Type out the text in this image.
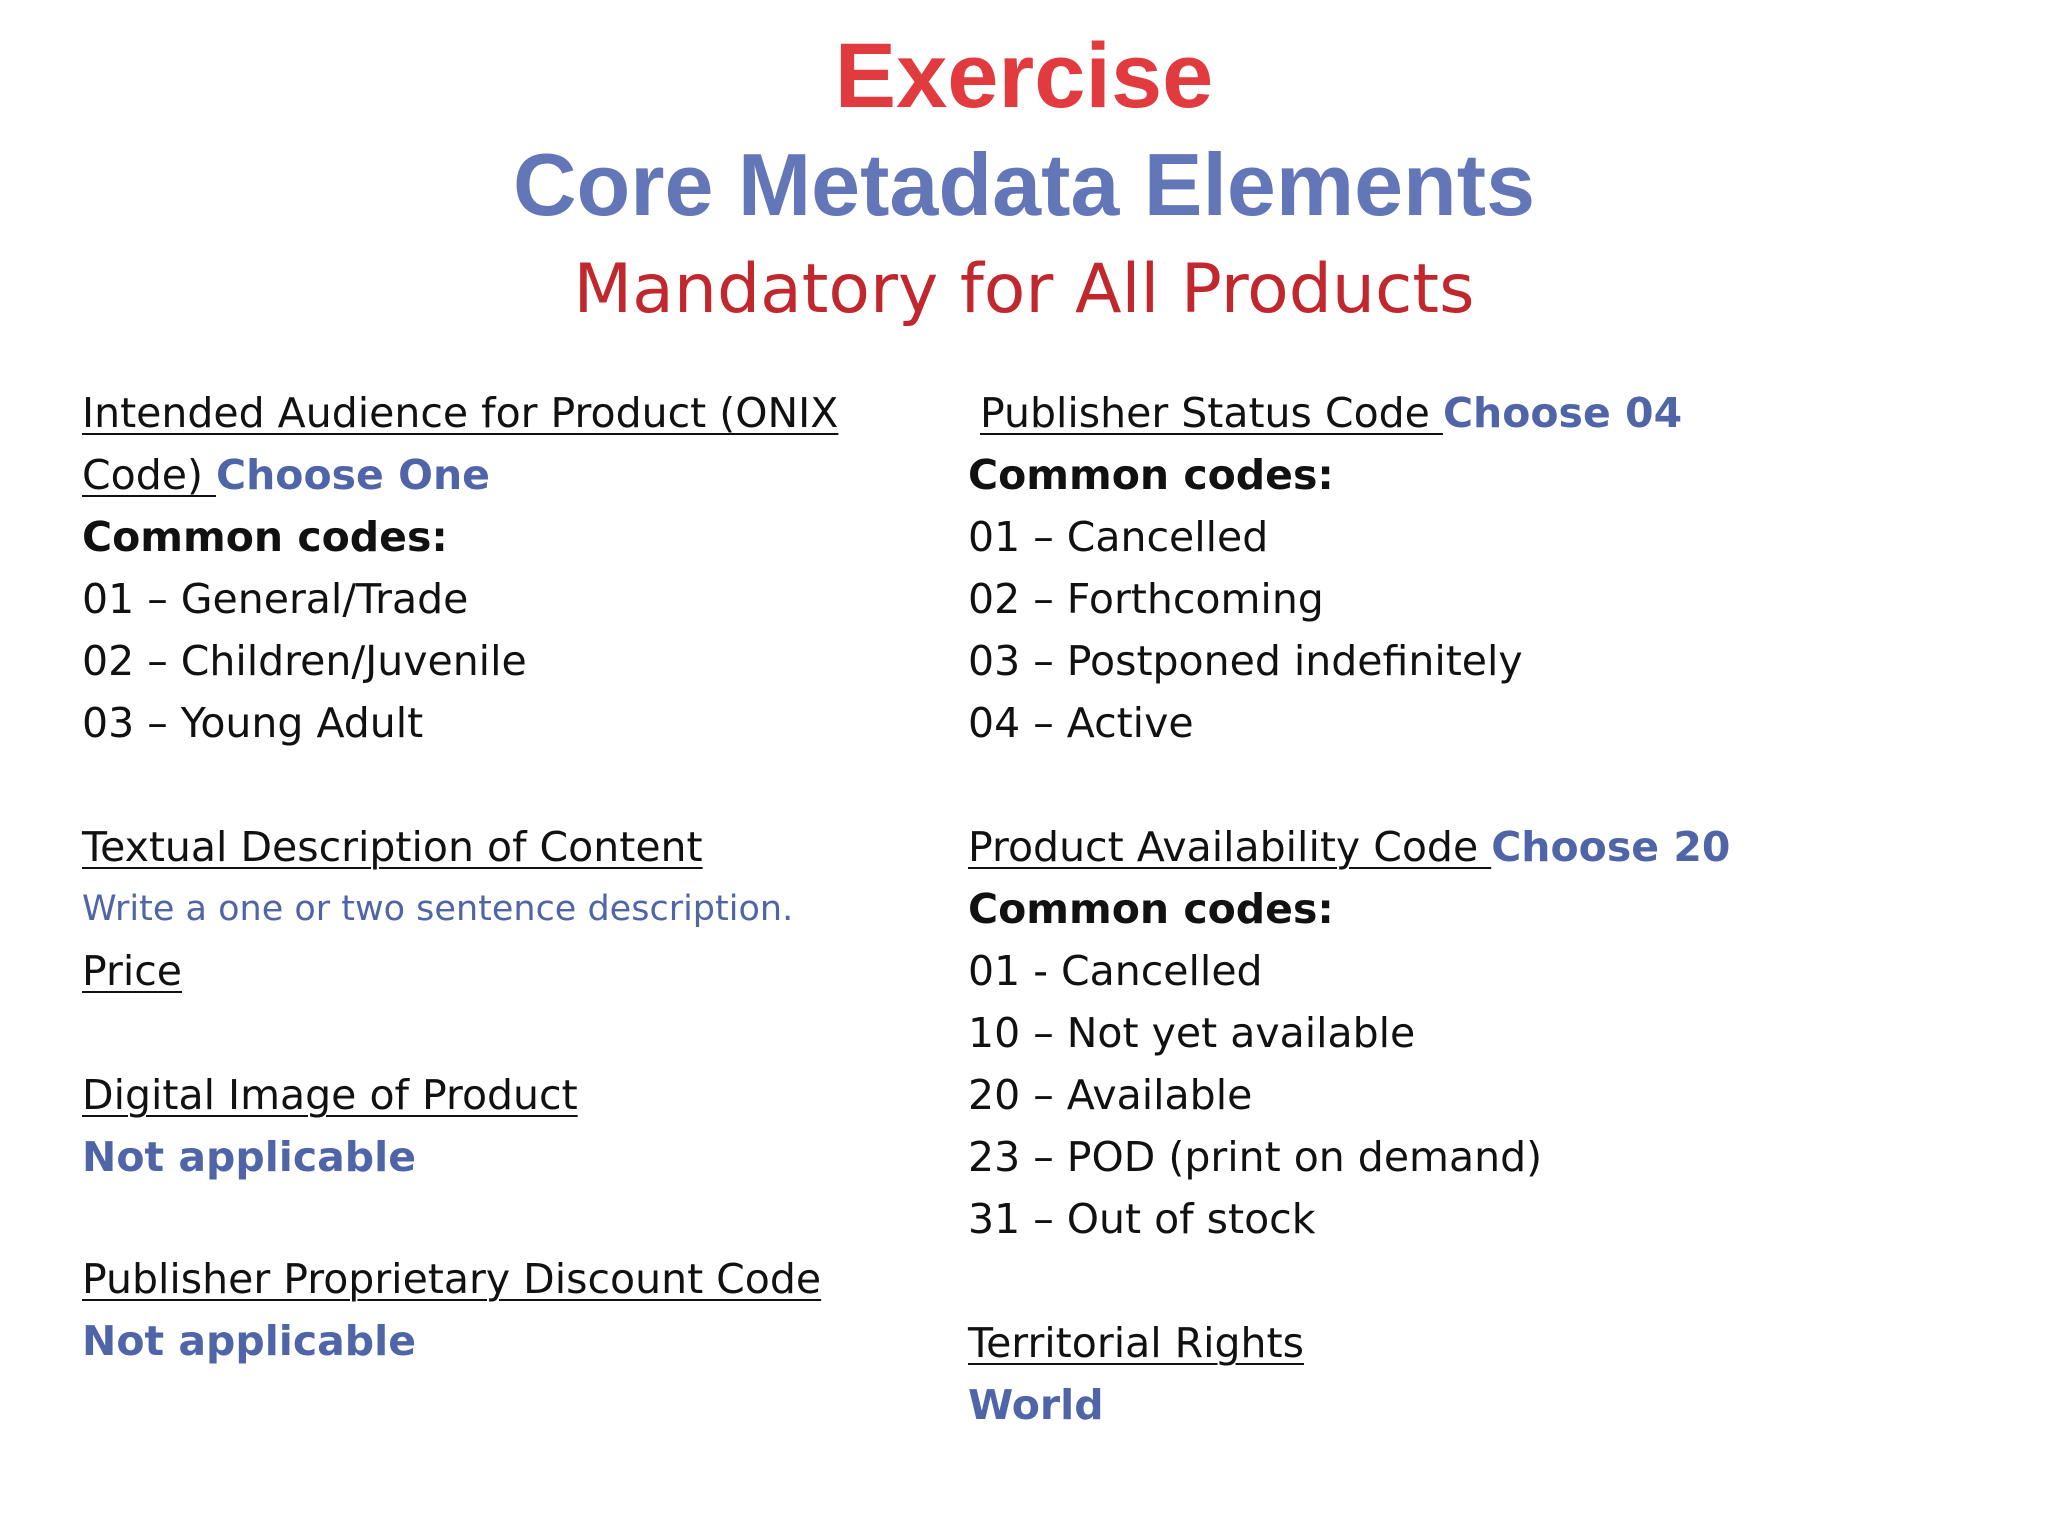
Exercise
Core Metadata Elements
Mandatory for All Products
Intended Audience for Product (ONIX
Code) Choose One
Common codes:
01 – General/Trade
02 – Children/Juvenile
03 – Young Adult
Textual Description of Content
Write a one or two sentence description.
Price
Digital Image of Product
Not applicable
Publisher Proprietary Discount Code
Not applicable
Publisher Status Code Choose 04
Common codes:
01 – Cancelled
02 – Forthcoming
03 – Postponed indefinitely
04 – Active
Product Availability Code Choose 20
Common codes:
01 - Cancelled
10 – Not yet available
20 – Available
23 – POD (print on demand)
31 – Out of stock
Territorial Rights
World
